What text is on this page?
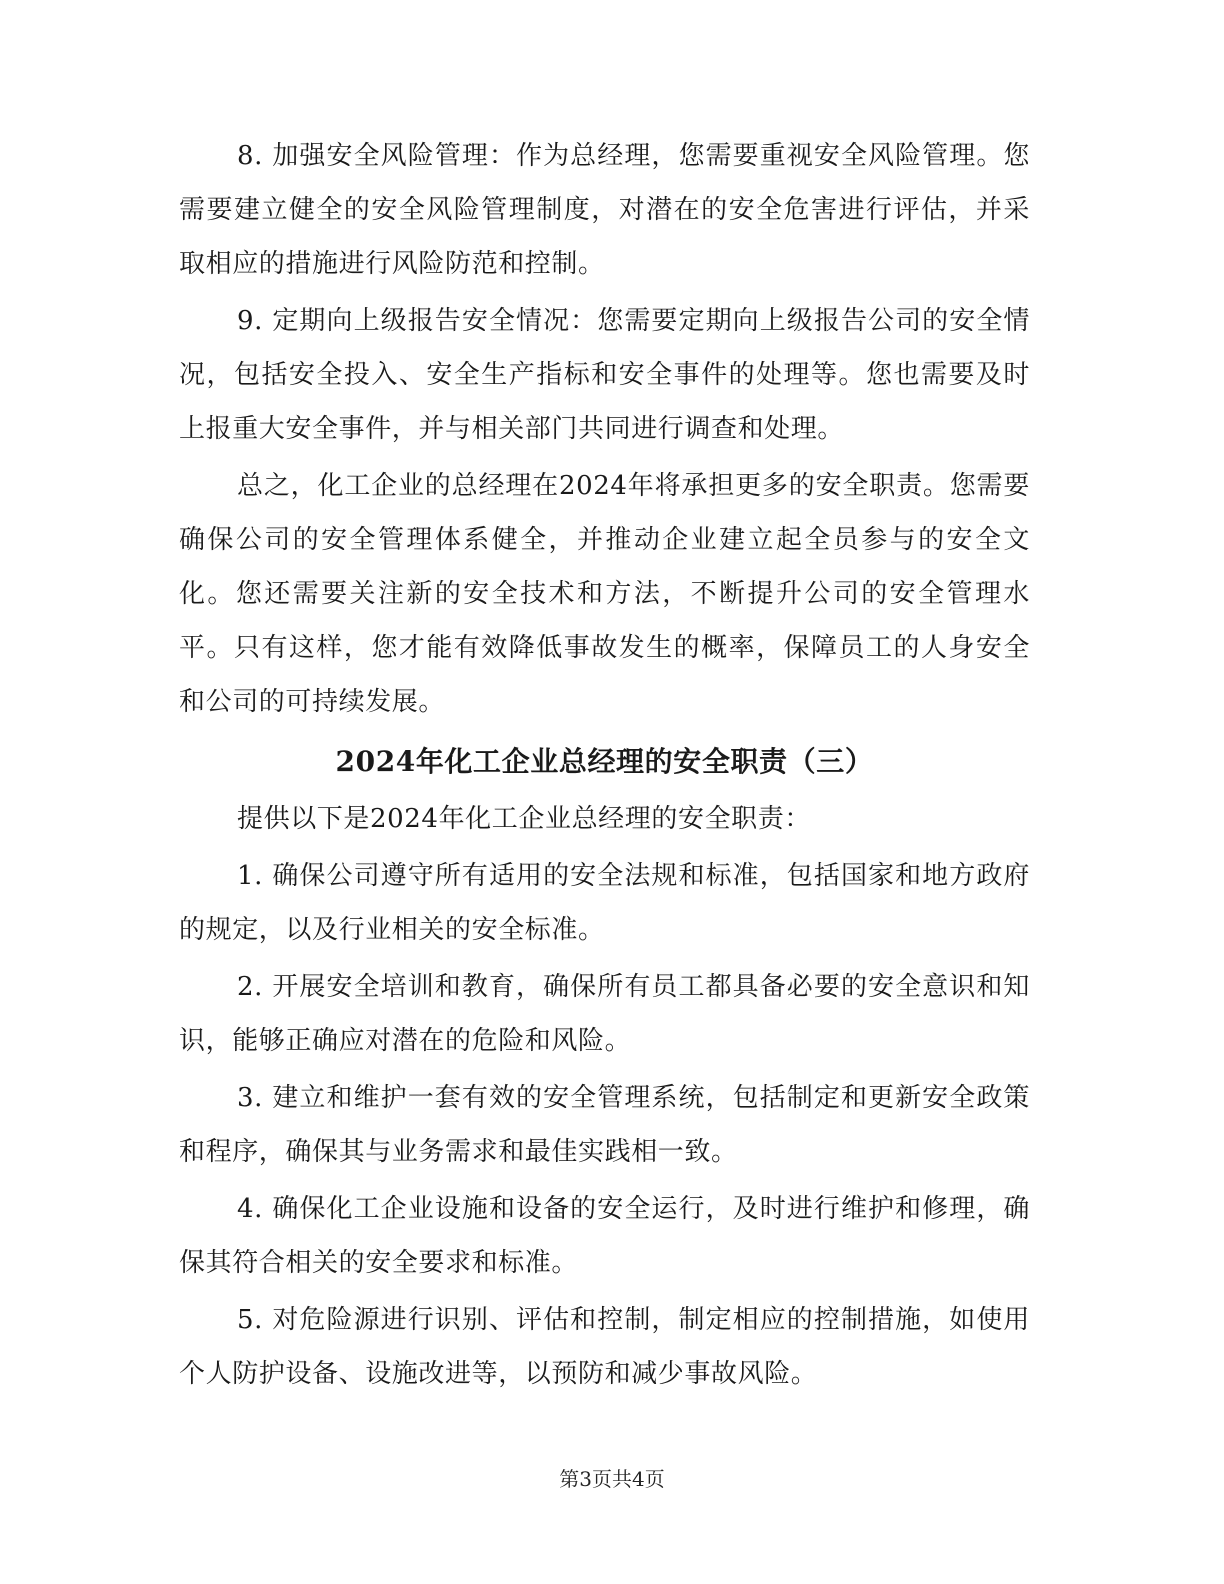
8. 加强安全风险管理：作为总经理，您需要重视安全风险管理。您需要建立健全的安全风险管理制度，对潜在的安全危害进行评估，并采取相应的措施进行风险防范和控制。

9. 定期向上级报告安全情况：您需要定期向上级报告公司的安全情况，包括安全投入、安全生产指标和安全事件的处理等。您也需要及时上报重大安全事件，并与相关部门共同进行调查和处理。

总之，化工企业的总经理在2024年将承担更多的安全职责。您需要确保公司的安全管理体系健全，并推动企业建立起全员参与的安全文化。您还需要关注新的安全技术和方法，不断提升公司的安全管理水平。只有这样，您才能有效降低事故发生的概率，保障员工的人身安全和公司的可持续发展。

2024年化工企业总经理的安全职责（三）

提供以下是2024年化工企业总经理的安全职责：

1. 确保公司遵守所有适用的安全法规和标准，包括国家和地方政府的规定，以及行业相关的安全标准。

2. 开展安全培训和教育，确保所有员工都具备必要的安全意识和知识，能够正确应对潜在的危险和风险。

3. 建立和维护一套有效的安全管理系统，包括制定和更新安全政策和程序，确保其与业务需求和最佳实践相一致。

4. 确保化工企业设施和设备的安全运行，及时进行维护和修理，确保其符合相关的安全要求和标准。

5. 对危险源进行识别、评估和控制，制定相应的控制措施，如使用个人防护设备、设施改进等，以预防和减少事故风险。

第3页共4页
